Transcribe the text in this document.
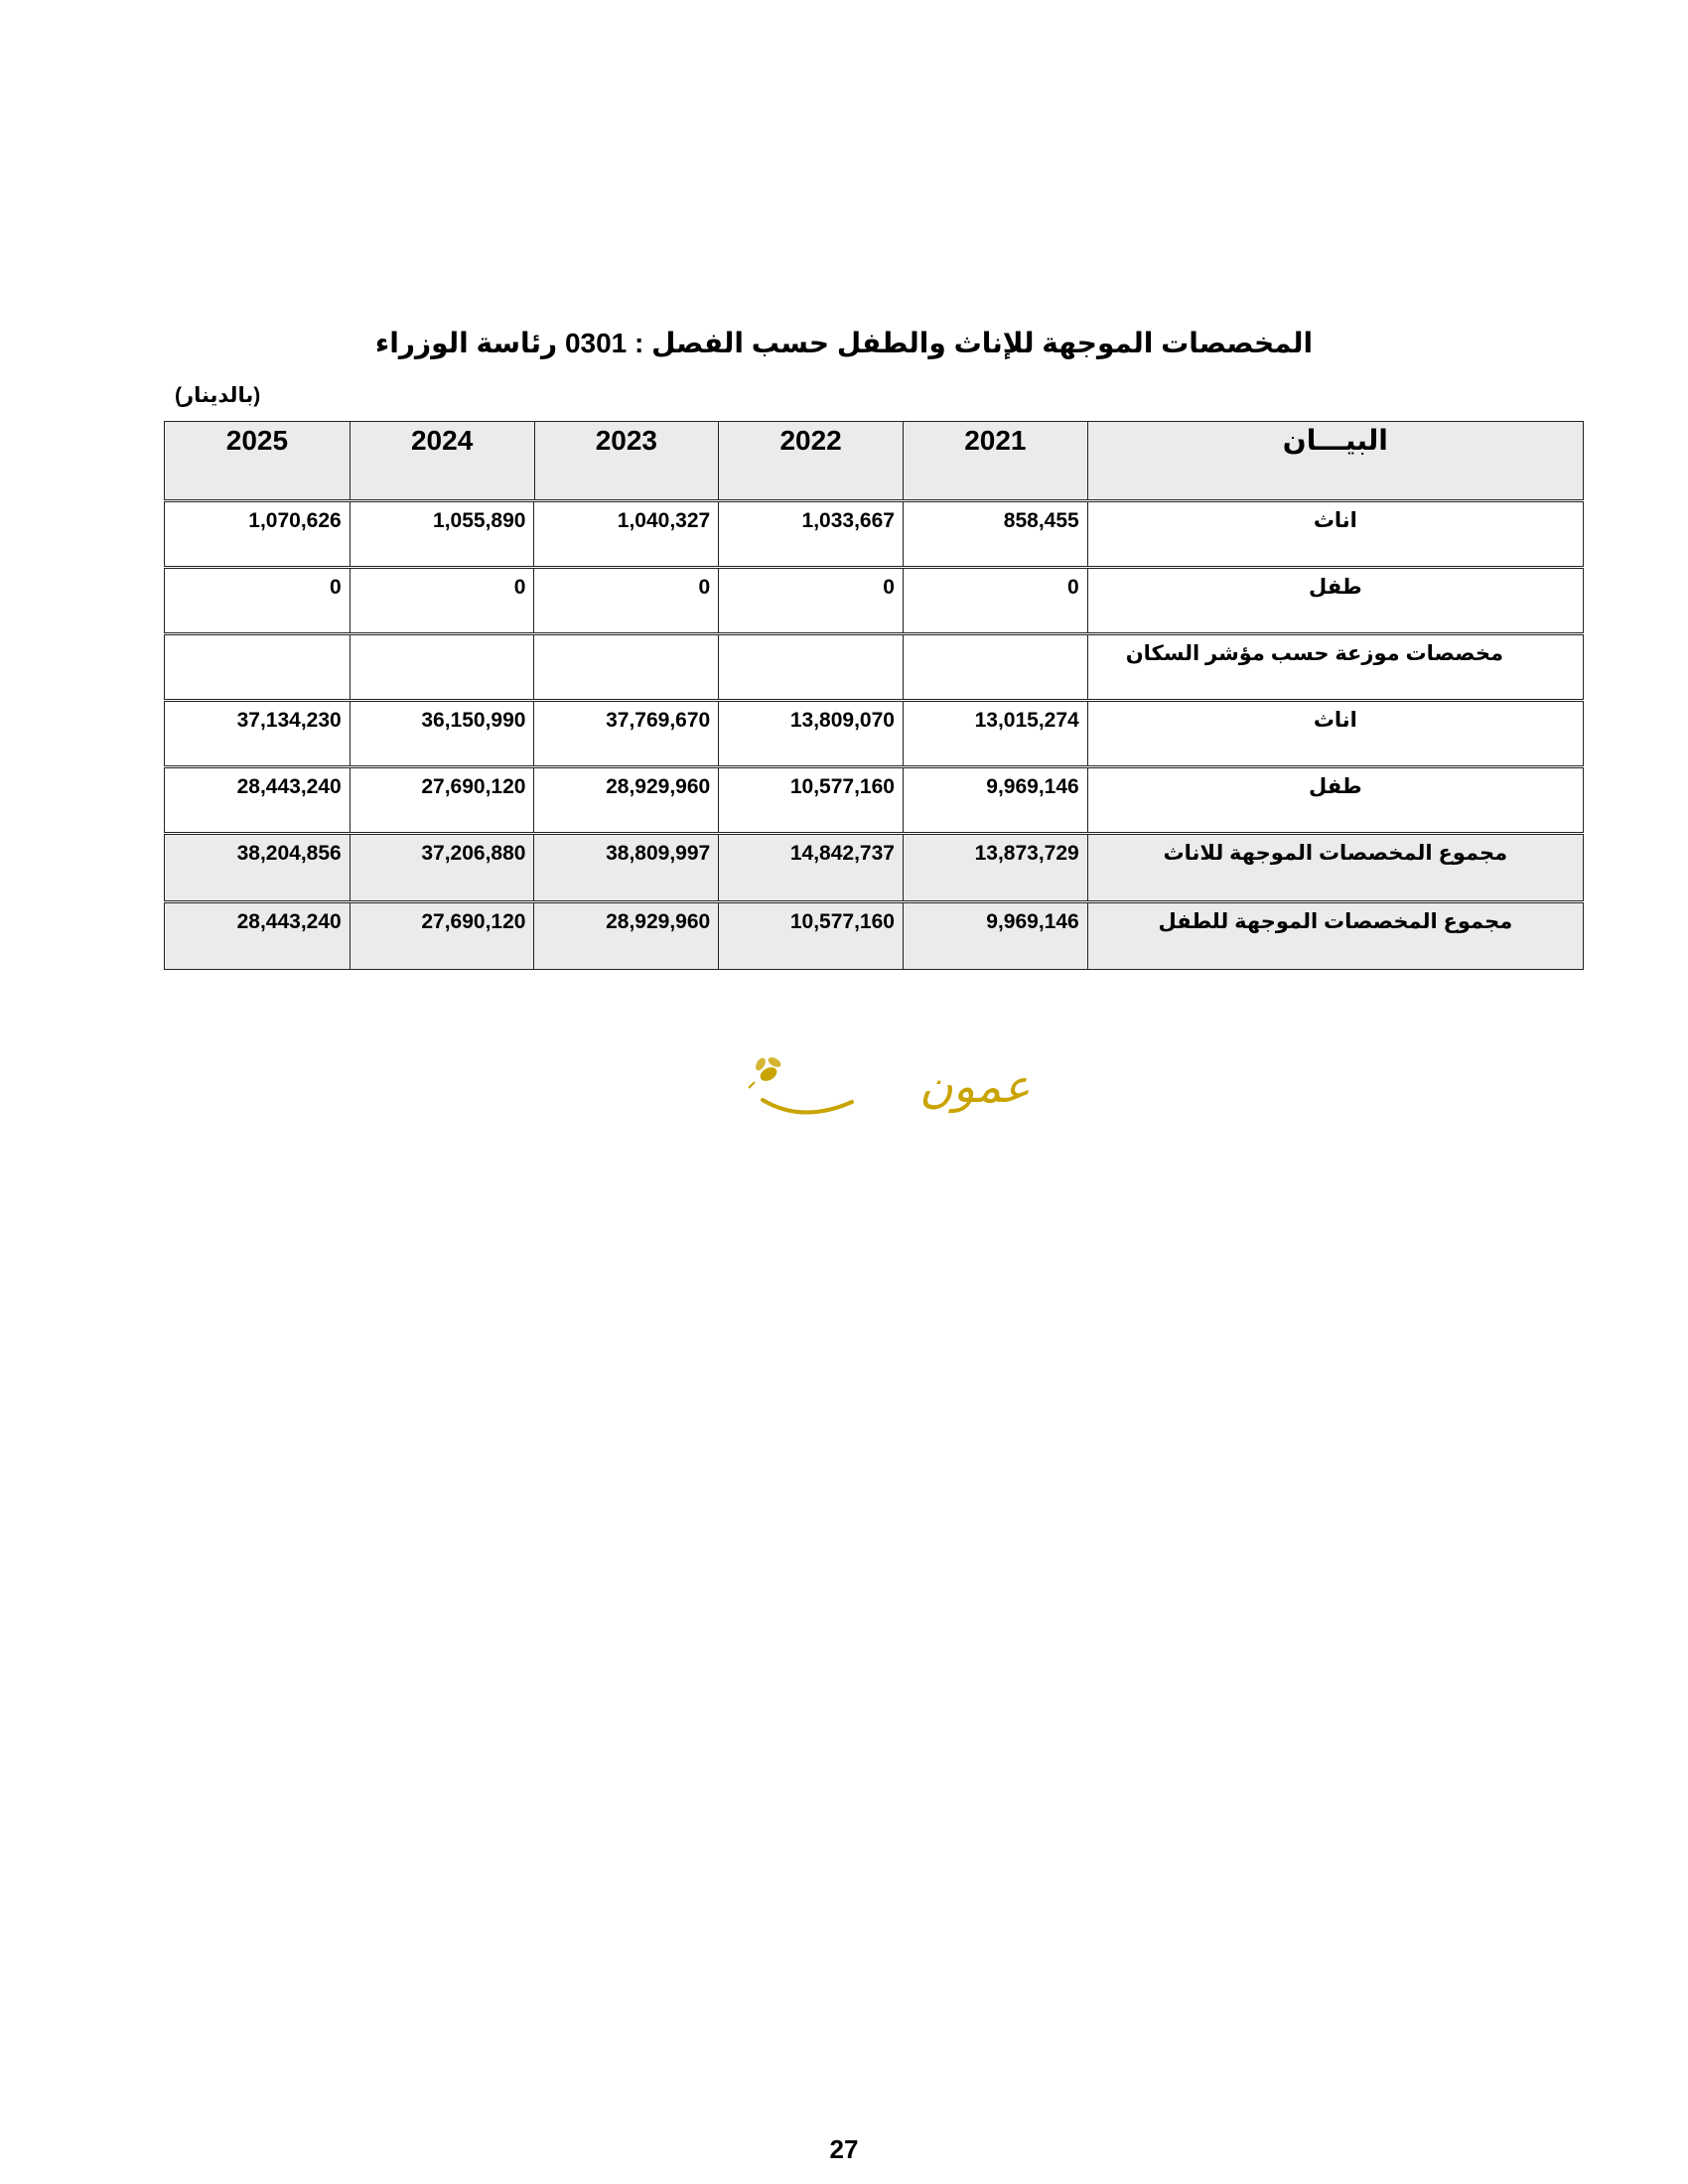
المخصصات الموجهة للإناث والطفل حسب الفصل : 0301 رئاسة الوزراء
(بالدينار)
البيـــان
2021
2022
2023
2024
2025
اناث
858,455
1,033,667
1,040,327
1,055,890
1,070,626
طفل
0
0
0
0
0
مخصصات موزعة حسب مؤشر السكان
اناث
13,015,274
13,809,070
37,769,670
36,150,990
37,134,230
طفل
9,969,146
10,577,160
28,929,960
27,690,120
28,443,240
مجموع المخصصات الموجهة للاناث
13,873,729
14,842,737
38,809,997
37,206,880
38,204,856
مجموع المخصصات الموجهة للطفل
9,969,146
10,577,160
28,929,960
27,690,120
28,443,240
عمون
27
